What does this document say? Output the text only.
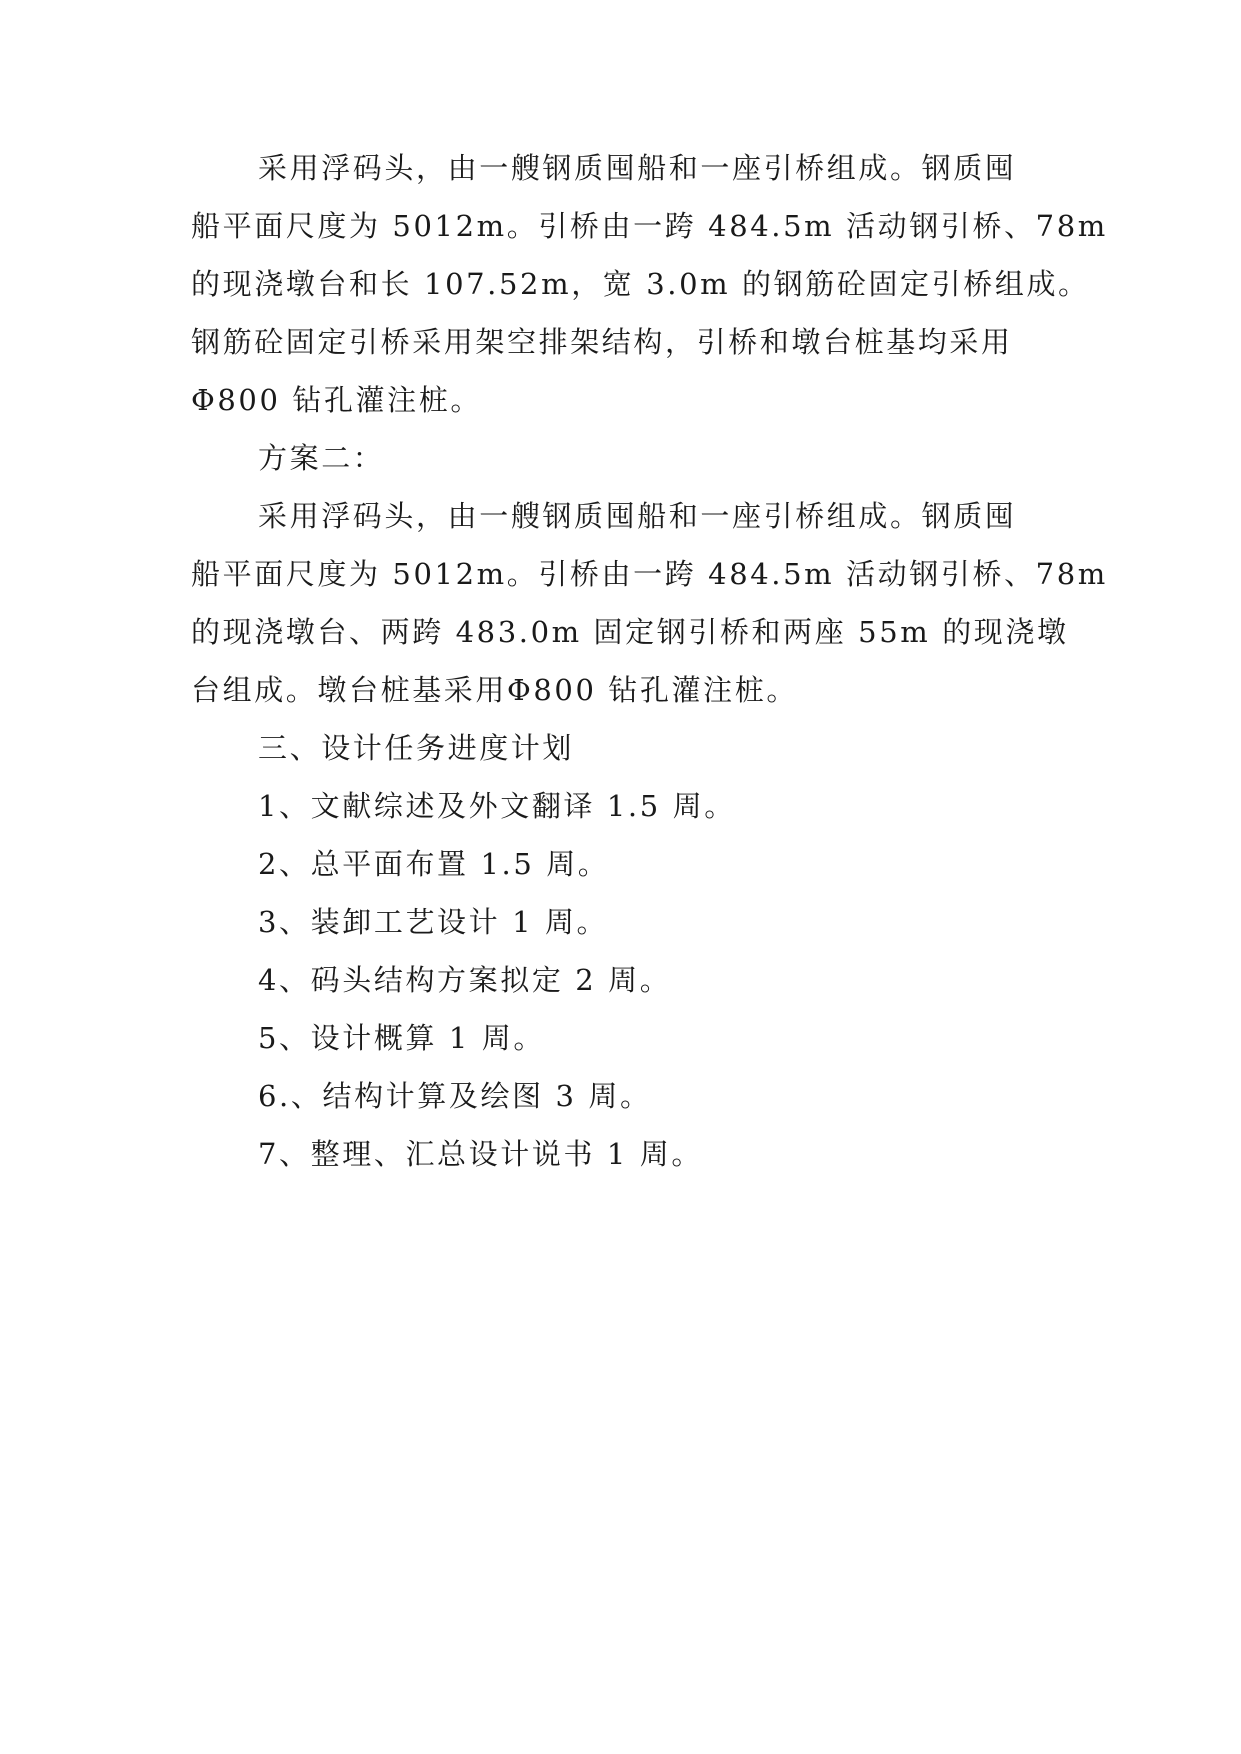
采用浮码头，由一艘钢质囤船和一座引桥组成。钢质囤
船平面尺度为 5012m。引桥由一跨 484.5m 活动钢引桥、78m
的现浇墩台和长 107.52m，宽 3.0m 的钢筋砼固定引桥组成。
钢筋砼固定引桥采用架空排架结构，引桥和墩台桩基均采用
Φ800 钻孔灌注桩。
方案二：
采用浮码头，由一艘钢质囤船和一座引桥组成。钢质囤
船平面尺度为 5012m。引桥由一跨 484.5m 活动钢引桥、78m
的现浇墩台、两跨 483.0m 固定钢引桥和两座 55m 的现浇墩
台组成。墩台桩基采用Φ800 钻孔灌注桩。
三、设计任务进度计划
1、文献综述及外文翻译 1.5 周。
2、总平面布置 1.5 周。
3、装卸工艺设计 1 周。
4、码头结构方案拟定 2 周。
5、设计概算 1 周。
6.、结构计算及绘图 3 周。
7、整理、汇总设计说书 1 周。
